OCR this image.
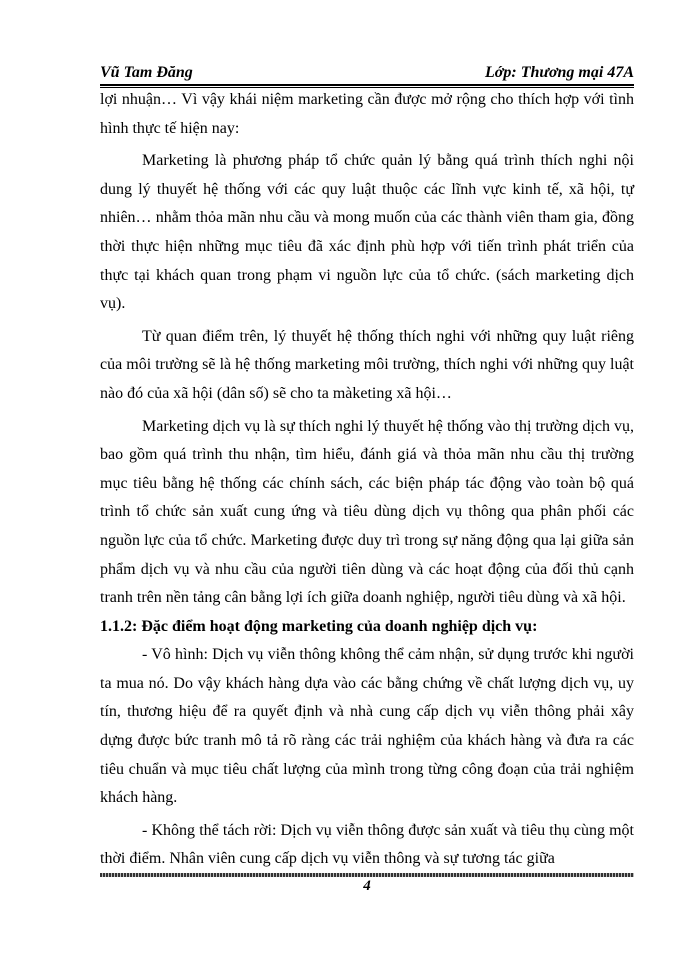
Vũ Tam Đăng	Lớp: Thương mại 47A

lợi nhuận… Vì vậy khái niệm marketing cần được mở rộng cho thích hợp với tình hình thực tế hiện nay:

Marketing là phương pháp tổ chức quản lý bằng quá trình thích nghi nội dung lý thuyết hệ thống với các quy luật thuộc các lĩnh vực kinh tế, xã hội, tự nhiên… nhằm thỏa mãn nhu cầu và mong muốn của các thành viên tham gia, đồng thời thực hiện những mục tiêu đã xác định phù hợp với tiến trình phát triển của thực tại khách quan trong phạm vi nguồn lực của tổ chức. (sách marketing dịch vụ).

Từ quan điểm trên, lý thuyết hệ thống thích nghi với những quy luật riêng của môi trường sẽ là hệ thống marketing môi trường, thích nghi với những quy luật nào đó của xã hội (dân số) sẽ cho ta màketing xã hội…

Marketing dịch vụ là sự thích nghi lý thuyết hệ thống vào thị trường dịch vụ, bao gồm quá trình thu nhận, tìm hiểu, đánh giá và thỏa mãn nhu cầu thị trường mục tiêu bằng hệ thống các chính sách, các biện pháp tác động vào toàn bộ quá trình tổ chức sản xuất cung ứng và tiêu dùng dịch vụ thông qua phân phối các nguồn lực của tổ chức. Marketing được duy trì trong sự năng động qua lại giữa sản phẩm dịch vụ và nhu cầu của người tiên dùng và các hoạt động của đối thủ cạnh tranh trên nền tảng cân bằng lợi ích giữa doanh nghiệp, người tiêu dùng và xã hội.

1.1.2: Đặc điểm hoạt động marketing của doanh nghiệp dịch vụ:

- Vô hình: Dịch vụ viễn thông không thể cảm nhận, sử dụng trước khi người ta mua nó. Do vậy khách hàng dựa vào các bằng chứng về chất lượng dịch vụ, uy tín, thương hiệu để ra quyết định và nhà cung cấp dịch vụ viễn thông phải xây dựng được bức tranh mô tả rõ ràng các trải nghiệm của khách hàng và đưa ra các tiêu chuẩn và mục tiêu chất lượng của mình trong từng công đoạn của trải nghiệm khách hàng.

- Không thể tách rời: Dịch vụ viễn thông được sản xuất và tiêu thụ cùng một thời điểm. Nhân viên cung cấp dịch vụ viễn thông và sự tương tác giữa

4
